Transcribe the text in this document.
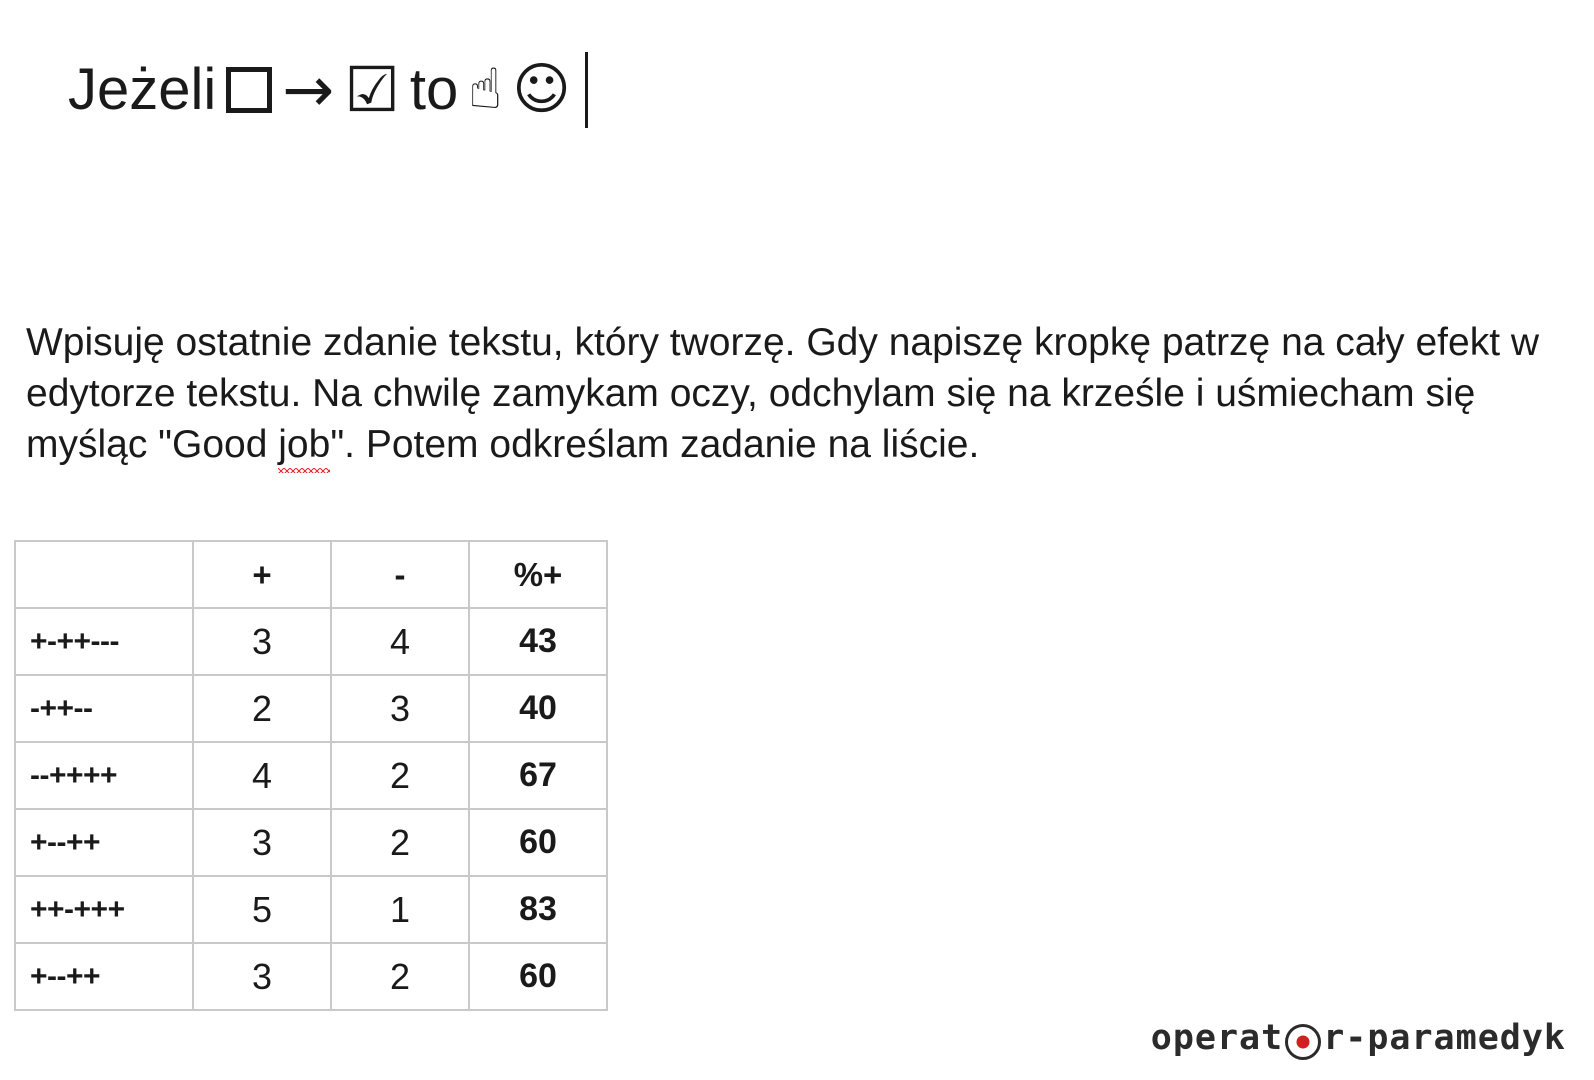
Jeżeli → ☑ to ☝ ☺

Wpisuję ostatnie zdanie tekstu, który tworzę. Gdy napiszę kropkę patrzę na cały efekt w edytorze tekstu. Na chwilę zamykam oczy, odchylam się na krześle i uśmiecham się myśląc "Good job". Potem odkreślam zadanie na liście.

	+	-	%+
+-++---	3	4	43
-++--	2	3	40
--++++	4	2	67
+--++	3	2	60
++-+++	5	1	83
+--++	3	2	60
operat r-paramedyk
